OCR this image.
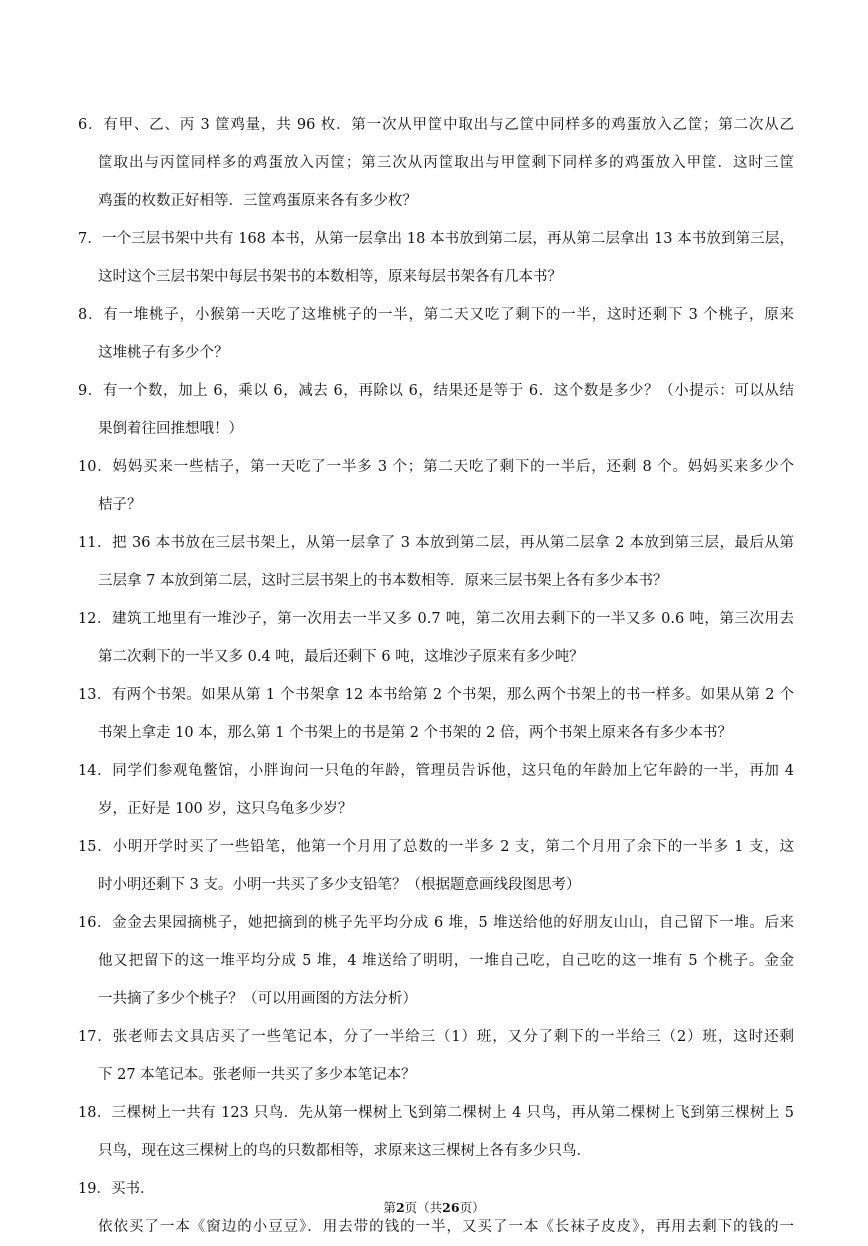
6．有甲、乙、丙 3 筐鸡量，共 96 枚．第一次从甲筐中取出与乙筐中同样多的鸡蛋放入乙筐；第二次从乙
筐取出与丙筐同样多的鸡蛋放入丙筐；第三次从丙筐取出与甲筐剩下同样多的鸡蛋放入甲筐．这时三筐
鸡蛋的枚数正好相等．三筐鸡蛋原来各有多少枚？
7．一个三层书架中共有 168 本书，从第一层拿出 18 本书放到第二层，再从第二层拿出 13 本书放到第三层，
这时这个三层书架中每层书架书的本数相等，原来每层书架各有几本书？
8．有一堆桃子，小猴第一天吃了这堆桃子的一半，第二天又吃了剩下的一半，这时还剩下 3 个桃子，原来
这堆桃子有多少个？
9．有一个数，加上 6，乘以 6，减去 6，再除以 6，结果还是等于 6．这个数是多少？（小提示：可以从结
果倒着往回推想哦！）
10．妈妈买来一些桔子，第一天吃了一半多 3 个；第二天吃了剩下的一半后，还剩 8 个。妈妈买来多少个
桔子？
11．把 36 本书放在三层书架上，从第一层拿了 3 本放到第二层，再从第二层拿 2 本放到第三层，最后从第
三层拿 7 本放到第二层，这时三层书架上的书本数相等．原来三层书架上各有多少本书？
12．建筑工地里有一堆沙子，第一次用去一半又多 0.7 吨，第二次用去剩下的一半又多 0.6 吨，第三次用去
第二次剩下的一半又多 0.4 吨，最后还剩下 6 吨，这堆沙子原来有多少吨？
13．有两个书架。如果从第 1 个书架拿 12 本书给第 2 个书架，那么两个书架上的书一样多。如果从第 2 个
书架上拿走 10 本，那么第 1 个书架上的书是第 2 个书架的 2 倍，两个书架上原来各有多少本书？
14．同学们参观龟鳖馆，小胖询问一只龟的年龄，管理员告诉他，这只龟的年龄加上它年龄的一半，再加 4
岁，正好是 100 岁，这只乌龟多少岁？
15．小明开学时买了一些铅笔，他第一个月用了总数的一半多 2 支，第二个月用了余下的一半多 1 支，这
时小明还剩下 3 支。小明一共买了多少支铅笔？（根据题意画线段图思考）
16．金金去果园摘桃子，她把摘到的桃子先平均分成 6 堆，5 堆送给他的好朋友山山，自己留下一堆。后来
他又把留下的这一堆平均分成 5 堆，4 堆送给了明明，一堆自己吃，自己吃的这一堆有 5 个桃子。金金
一共摘了多少个桃子？（可以用画图的方法分析）
17．张老师去文具店买了一些笔记本，分了一半给三（1）班，又分了剩下的一半给三（2）班，这时还剩
下 27 本笔记本。张老师一共买了多少本笔记本？
18．三棵树上一共有 123 只鸟．先从第一棵树上飞到第二棵树上 4 只鸟，再从第二棵树上飞到第三棵树上 5
只鸟，现在这三棵树上的鸟的只数都相等，求原来这三棵树上各有多少只鸟．
19．买书．
依依买了一本《窗边的小豆豆》．用去带的钱的一半，又买了一本《长袜子皮皮》，再用去剩下的钱的一
第2页（共26页）
